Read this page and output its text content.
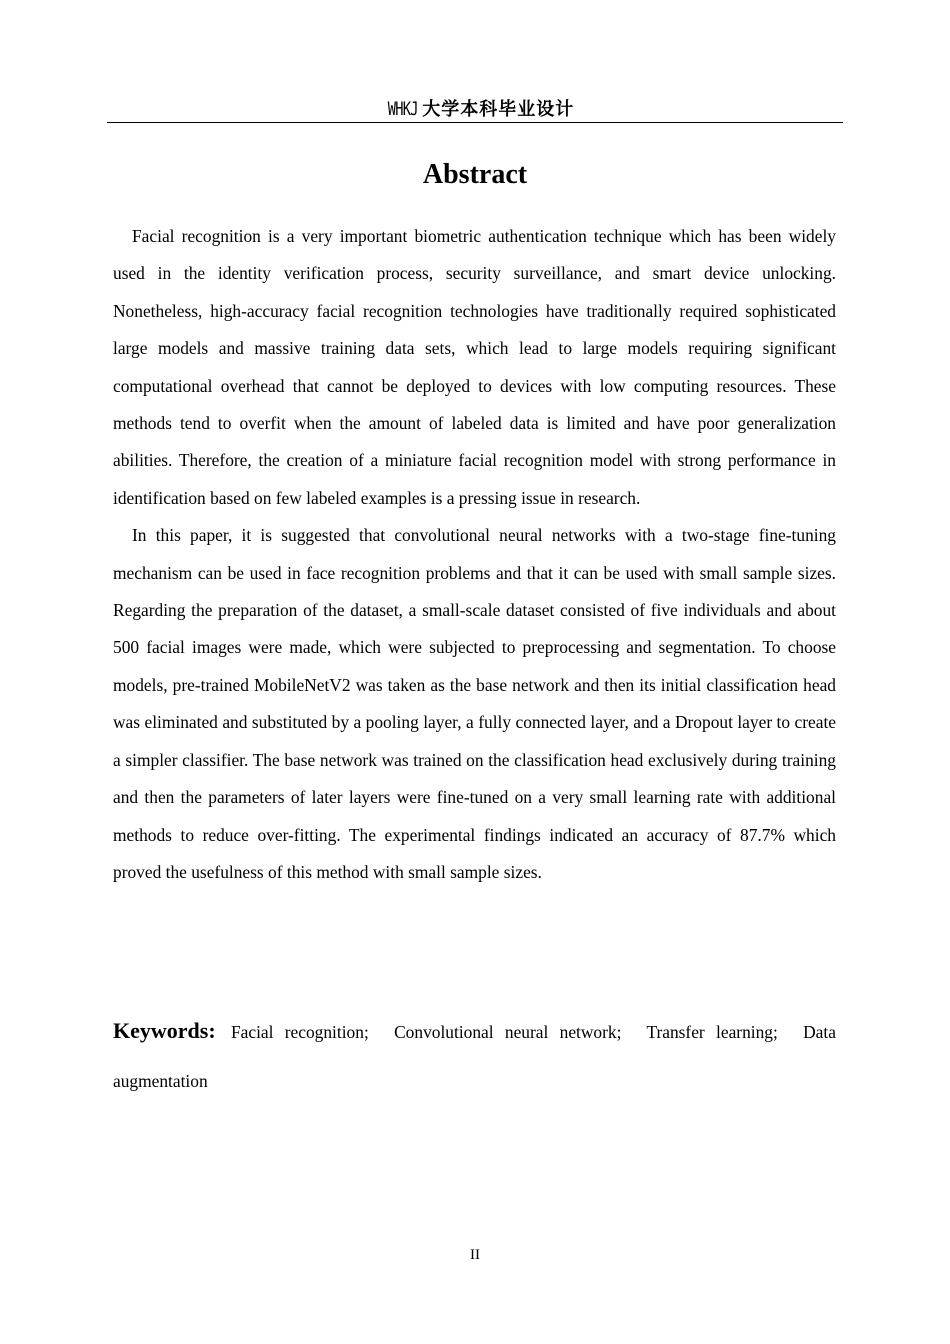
WHKJ 大学本科毕业设计
Abstract

Facial recognition is a very important biometric authentication technique which has been widely used in the identity verification process, security surveillance, and smart device unlocking. Nonetheless, high-accuracy facial recognition technologies have traditionally required sophisticated large models and massive training data sets, which lead to large models requiring significant computational overhead that cannot be deployed to devices with low computing resources. These methods tend to overfit when the amount of labeled data is limited and have poor generalization abilities. Therefore, the creation of a miniature facial recognition model with strong performance in identification based on few labeled examples is a pressing issue in research.

In this paper, it is suggested that convolutional neural networks with a two-stage fine-tuning mechanism can be used in face recognition problems and that it can be used with small sample sizes. Regarding the preparation of the dataset, a small-scale dataset consisted of five individuals and about 500 facial images were made, which were subjected to preprocessing and segmentation. To choose models, pre-trained MobileNetV2 was taken as the base network and then its initial classification head was eliminated and substituted by a pooling layer, a fully connected layer, and a Dropout layer to create a simpler classifier. The base network was trained on the classification head exclusively during training and then the parameters of later layers were fine-tuned on a very small learning rate with additional methods to reduce over-fitting. The experimental findings indicated an accuracy of 87.7% which proved the usefulness of this method with small sample sizes.

Keywords: Facial recognition; Convolutional neural network; Transfer learning; Data augmentation

II
